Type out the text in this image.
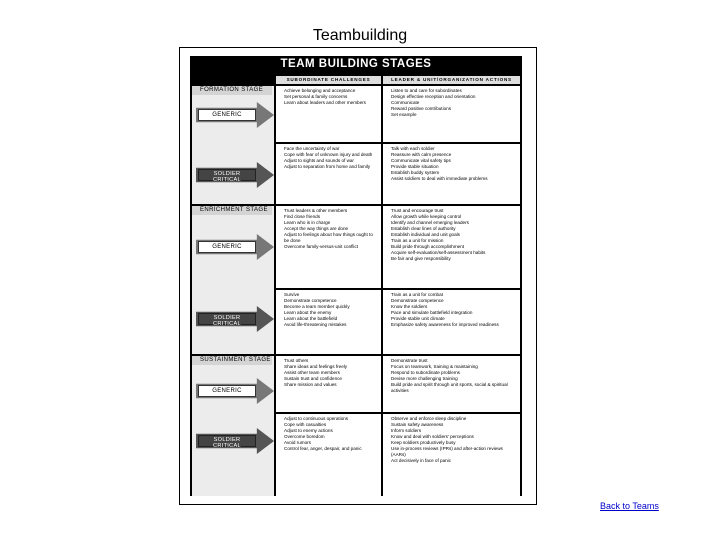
Teambuilding
TEAM BUILDING STAGES
SUBORDINATE CHALLENGES	LEADER & UNIT/ORGANIZATION ACTIONS
FORMATION STAGE
GENERIC
• Achieve belonging and acceptance
• Set personal & family concerns
• Learn about leaders and other members
• Listen to and care for subordinates
• Design effective reception and orientation
• Communicate
• Reward positive contributions
• Set example
SOLDIER
CRITICAL
• Face the uncertainty of war
• Cope with fear of unknown injury and death
• Adjust to sights and sounds of war
• Adjust to separation from home and family
• Talk with each soldier
• Reassure with calm presence
• Communicate vital safety tips
• Provide stable situation
• Establish buddy system
• Assist soldiers to deal with immediate problems
ENRICHMENT STAGE
GENERIC
• Trust leaders & other members
• Find close friends
• Learn who is in charge
• Accept the way things are done
• Adjust to feelings about how things ought to be done
• Overcome family-versus-unit conflict
• Trust and encourage trust
• Allow growth while keeping control
• Identify and channel emerging leaders
• Establish clear lines of authority
• Establish individual and unit goals
• Train as a unit for mission
• Build pride through accomplishment
• Acquire self-evaluation/self-assessment habits
• Be fair and give responsibility
SOLDIER
CRITICAL
• Survive
• Demonstrate competence
• Become a team member quickly
• Learn about the enemy
• Learn about the battlefield
• Avoid life-threatening mistakes
• Train as a unit for combat
• Demonstrate competence
• Know the soldiers
• Pace and simulate battlefield integration
• Provide stable unit climate
• Emphasize safety awareness for improved readiness
SUSTAINMENT STAGE
GENERIC
• Trust others
• Share ideas and feelings freely
• Assist other team members
• Sustain trust and confidence
• Share mission and values
• Demonstrate trust
• Focus on teamwork, training & maintaining
• Respond to subordinate problems
• Devise more challenging training
• Build pride and spirit through unit sports, social & spiritual activities
SOLDIER
CRITICAL
• Adjust to continuous operations
• Cope with casualties
• Adjust to enemy actions
• Overcome boredom
• Avoid rumors
• Control fear, anger, despair, and panic
• Observe and enforce sleep discipline
• Sustain safety awareness
• Inform soldiers
• Know and deal with soldiers' perceptions
• Keep soldiers productively busy
• Use in-process reviews (IPRs) and after-action reviews (AARs)
• Act decisively in face of panic
Back to Teams
